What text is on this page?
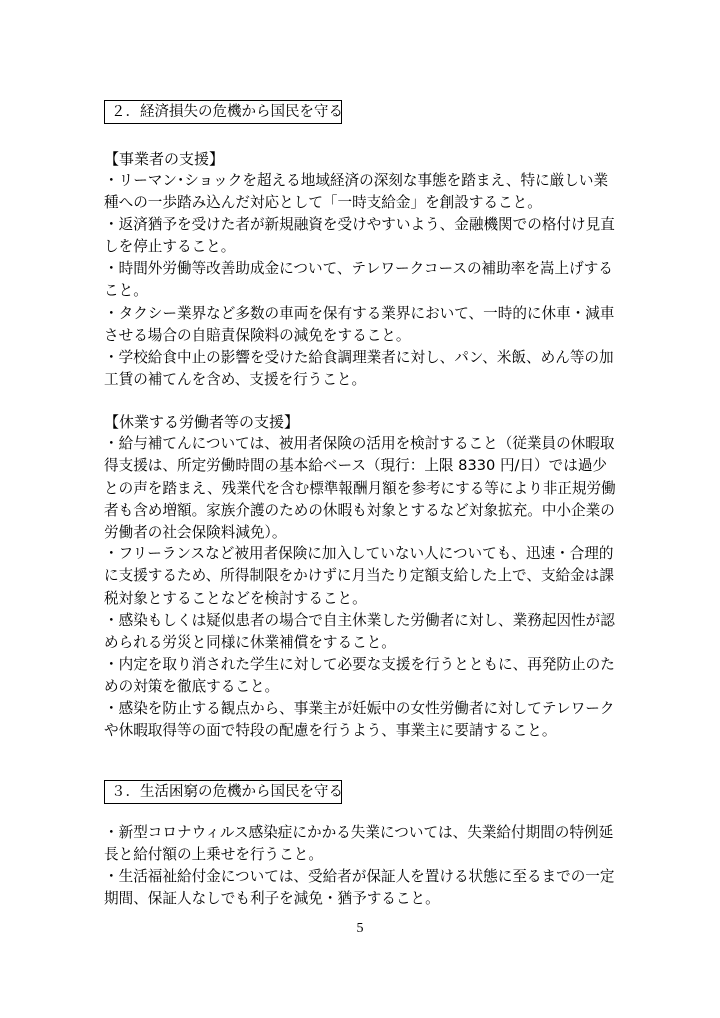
２．経済損失の危機から国民を守る
【事業者の支援】
・リーマン･ショックを超える地域経済の深刻な事態を踏まえ、特に厳しい業種への一歩踏み込んだ対応として「一時支給金」を創設すること。
・返済猶予を受けた者が新規融資を受けやすいよう、金融機関での格付け見直しを停止すること。
・時間外労働等改善助成金について、テレワークコースの補助率を嵩上げすること。
・タクシー業界など多数の車両を保有する業界において、一時的に休車・減車させる場合の自賠責保険料の減免をすること。
・学校給食中止の影響を受けた給食調理業者に対し、パン、米飯、めん等の加工賃の補てんを含め、支援を行うこと。
【休業する労働者等の支援】
・給与補てんについては、被用者保険の活用を検討すること（従業員の休暇取得支援は、所定労働時間の基本給ベース（現行：上限 8330 円/日）では過少との声を踏まえ、残業代を含む標準報酬月額を参考にする等により非正規労働者も含め増額。家族介護のための休暇も対象とするなど対象拡充。中小企業の労働者の社会保険料減免）。
・フリーランスなど被用者保険に加入していない人についても、迅速・合理的に支援するため、所得制限をかけずに月当たり定額支給した上で、支給金は課税対象とすることなどを検討すること。
・感染もしくは疑似患者の場合で自主休業した労働者に対し、業務起因性が認められる労災と同様に休業補償をすること。
・内定を取り消された学生に対して必要な支援を行うとともに、再発防止のための対策を徹底すること。
・感染を防止する観点から、事業主が妊娠中の女性労働者に対してテレワークや休暇取得等の面で特段の配慮を行うよう、事業主に要請すること。
３．生活困窮の危機から国民を守る
・新型コロナウィルス感染症にかかる失業については、失業給付期間の特例延長と給付額の上乗せを行うこと。
・生活福祉給付金については、受給者が保証人を置ける状態に至るまでの一定期間、保証人なしでも利子を減免・猶予すること。
5
